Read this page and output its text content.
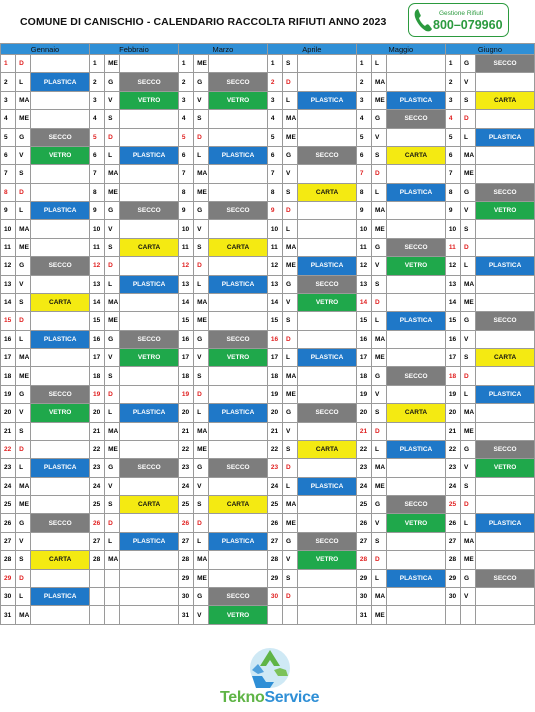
COMUNE DI CANISCHIO - CALENDARIO RACCOLTA RIFIUTI ANNO 2023
Gestione Rifiuti
800–079960
Gennaio			Febbraio			Marzo			Aprile			Maggio			Giugno		
1	D		1	ME		1	ME		1	S		1	L		1	G	SECCO
2	L	PLASTICA	2	G	SECCO	2	G	SECCO	2	D		2	MA		2	V	
3	MA		3	V	VETRO	3	V	VETRO	3	L	PLASTICA	3	ME	PLASTICA	3	S	CARTA
4	ME		4	S		4	S		4	MA		4	G	SECCO	4	D	
5	G	SECCO	5	D		5	D		5	ME		5	V		5	L	PLASTICA
6	V	VETRO	6	L	PLASTICA	6	L	PLASTICA	6	G	SECCO	6	S	CARTA	6	MA	
7	S		7	MA		7	MA		7	V		7	D		7	ME	
8	D		8	ME		8	ME		8	S	CARTA	8	L	PLASTICA	8	G	SECCO
9	L	PLASTICA	9	G	SECCO	9	G	SECCO	9	D		9	MA		9	V	VETRO
10	MA		10	V		10	V		10	L		10	ME		10	S	
11	ME		11	S	CARTA	11	S	CARTA	11	MA		11	G	SECCO	11	D	
12	G	SECCO	12	D		12	D		12	ME	PLASTICA	12	V	VETRO	12	L	PLASTICA
13	V		13	L	PLASTICA	13	L	PLASTICA	13	G	SECCO	13	S		13	MA	
14	S	CARTA	14	MA		14	MA		14	V	VETRO	14	D		14	ME	
15	D		15	ME		15	ME		15	S		15	L	PLASTICA	15	G	SECCO
16	L	PLASTICA	16	G	SECCO	16	G	SECCO	16	D		16	MA		16	V	
17	MA		17	V	VETRO	17	V	VETRO	17	L	PLASTICA	17	ME		17	S	CARTA
18	ME		18	S		18	S		18	MA		18	G	SECCO	18	D	
19	G	SECCO	19	D		19	D		19	ME		19	V		19	L	PLASTICA
20	V	VETRO	20	L	PLASTICA	20	L	PLASTICA	20	G	SECCO	20	S	CARTA	20	MA	
21	S		21	MA		21	MA		21	V		21	D		21	ME	
22	D		22	ME		22	ME		22	S	CARTA	22	L	PLASTICA	22	G	SECCO
23	L	PLASTICA	23	G	SECCO	23	G	SECCO	23	D		23	MA		23	V	VETRO
24	MA		24	V		24	V		24	L	PLASTICA	24	ME		24	S	
25	ME		25	S	CARTA	25	S	CARTA	25	MA		25	G	SECCO	25	D	
26	G	SECCO	26	D		26	D		26	ME		26	V	VETRO	26	L	PLASTICA
27	V		27	L	PLASTICA	27	L	PLASTICA	27	G	SECCO	27	S		27	MA	
28	S	CARTA	28	MA		28	MA		28	V	VETRO	28	D		28	ME	
29	D					29	ME		29	S		29	L	PLASTICA	29	G	SECCO
30	L	PLASTICA				30	G	SECCO	30	D		30	MA		30	V	
31	MA					31	V	VETRO				31	ME				
TeknoService
